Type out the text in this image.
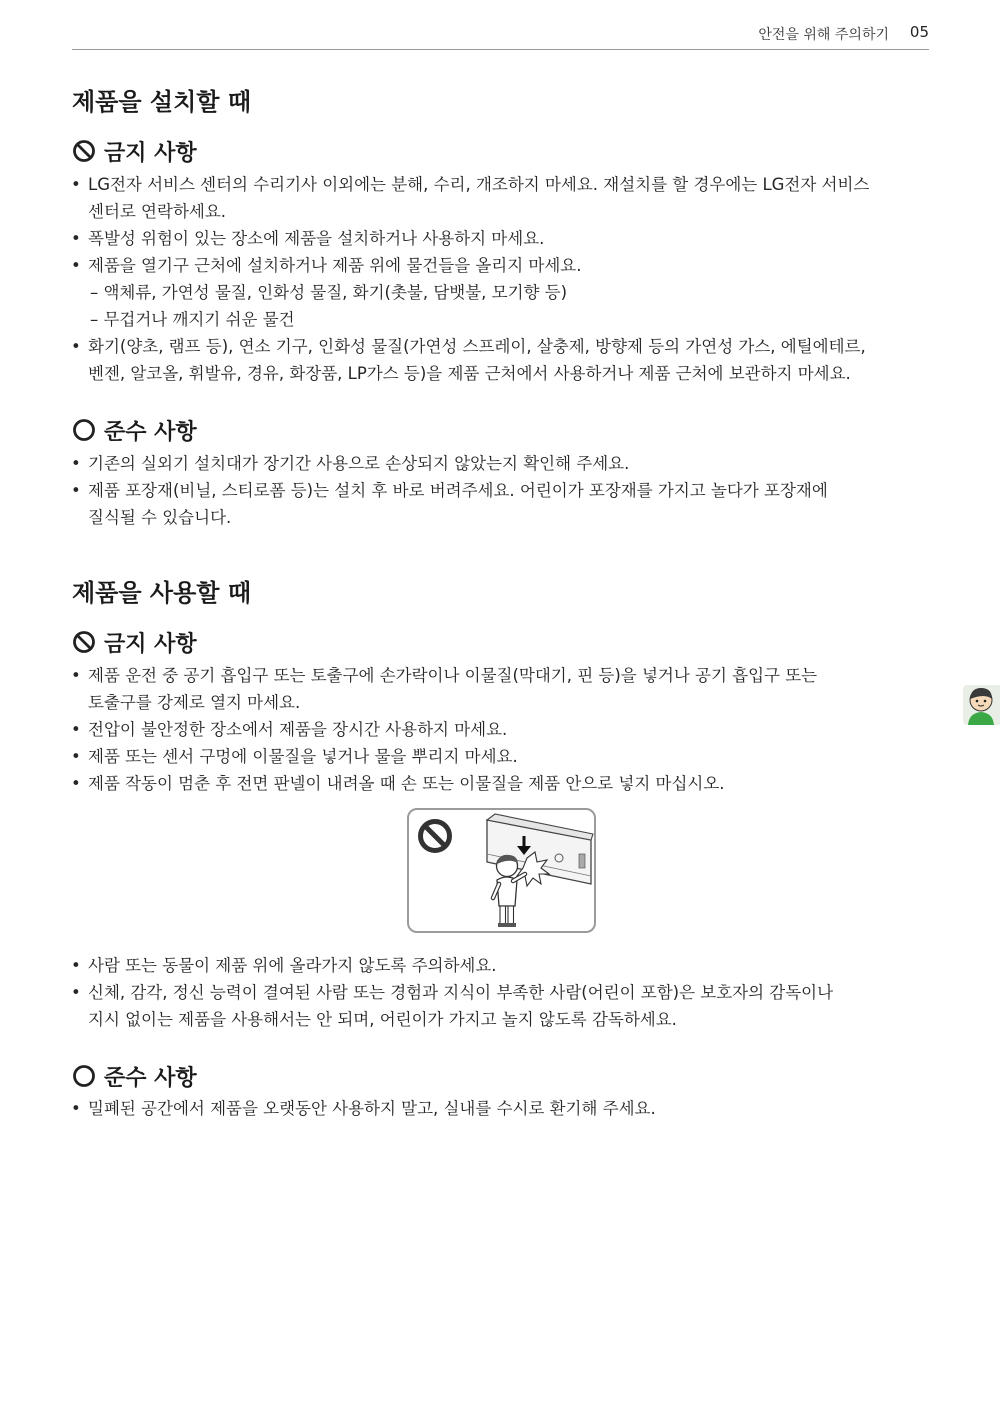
안전을 위해 주의하기 05
제품을 설치할 때
금지 사항
• LG전자 서비스 센터의 수리기사 이외에는 분해, 수리, 개조하지 마세요. 재설치를 할 경우에는 LG전자 서비스
센터로 연락하세요.
• 폭발성 위험이 있는 장소에 제품을 설치하거나 사용하지 마세요.
• 제품을 열기구 근처에 설치하거나 제품 위에 물건들을 올리지 마세요.
– 액체류, 가연성 물질, 인화성 물질, 화기(촛불, 담뱃불, 모기향 등)
– 무겁거나 깨지기 쉬운 물건
• 화기(양초, 램프 등), 연소 기구, 인화성 물질(가연성 스프레이, 살충제, 방향제 등의 가연성 가스, 에틸에테르,
벤젠, 알코올, 휘발유, 경유, 화장품, LP가스 등)을 제품 근처에서 사용하거나 제품 근처에 보관하지 마세요.
준수 사항
• 기존의 실외기 설치대가 장기간 사용으로 손상되지 않았는지 확인해 주세요.
• 제품 포장재(비닐, 스티로폼 등)는 설치 후 바로 버려주세요. 어린이가 포장재를 가지고 놀다가 포장재에
질식될 수 있습니다.
제품을 사용할 때
금지 사항
• 제품 운전 중 공기 흡입구 또는 토출구에 손가락이나 이물질(막대기, 핀 등)을 넣거나 공기 흡입구 또는
토출구를 강제로 열지 마세요.
• 전압이 불안정한 장소에서 제품을 장시간 사용하지 마세요.
• 제품 또는 센서 구멍에 이물질을 넣거나 물을 뿌리지 마세요.
• 제품 작동이 멈춘 후 전면 판넬이 내려올 때 손 또는 이물질을 제품 안으로 넣지 마십시오.
• 사람 또는 동물이 제품 위에 올라가지 않도록 주의하세요.
• 신체, 감각, 정신 능력이 결여된 사람 또는 경험과 지식이 부족한 사람(어린이 포함)은 보호자의 감독이나
지시 없이는 제품을 사용해서는 안 되며, 어린이가 가지고 놀지 않도록 감독하세요.
준수 사항
• 밀폐된 공간에서 제품을 오랫동안 사용하지 말고, 실내를 수시로 환기해 주세요.
